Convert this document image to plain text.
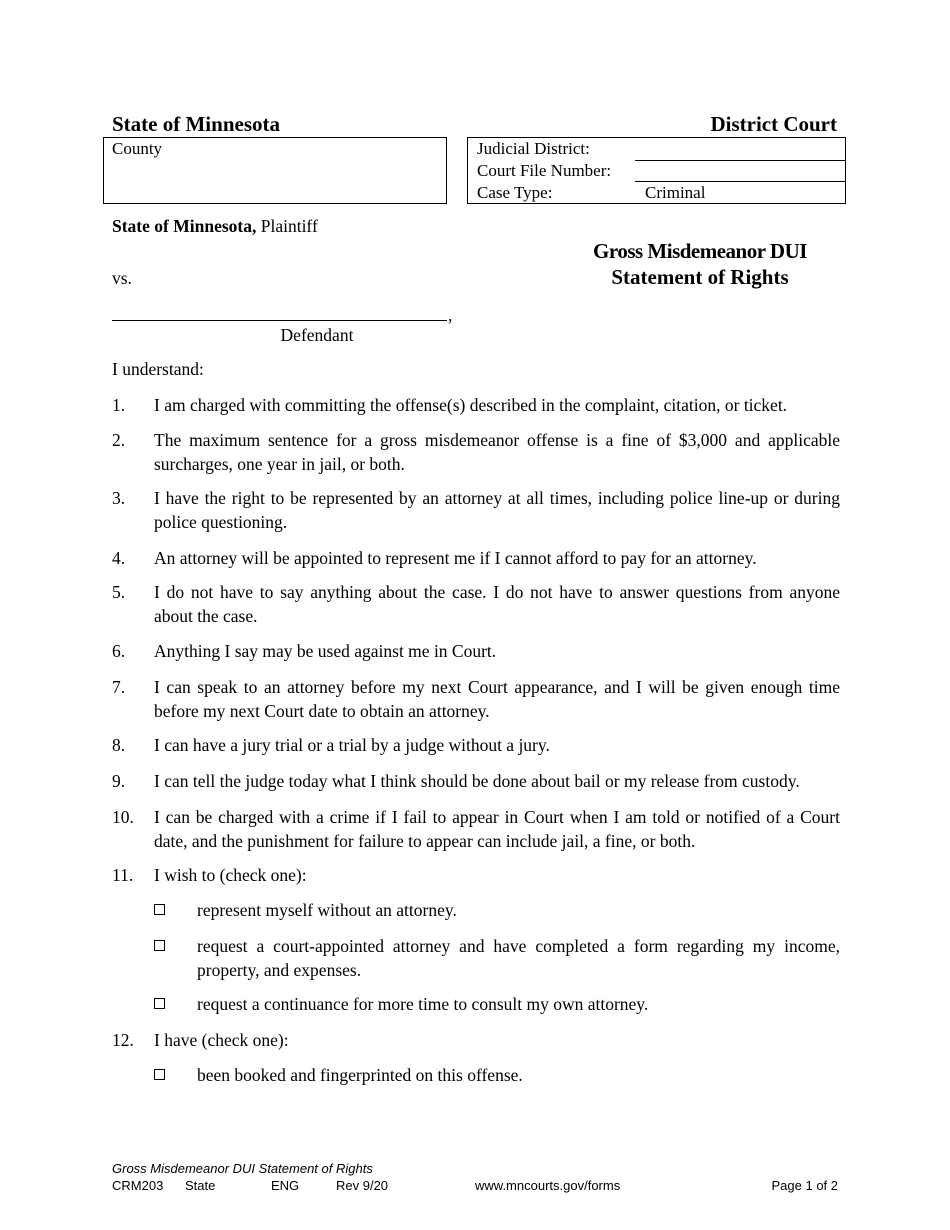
State of Minnesota	District Court
County	Judicial District:
Court File Number:
Case Type:	Criminal
State of Minnesota, Plaintiff
vs.
,
Defendant
Gross Misdemeanor DUI
Statement of Rights
I understand:
1. I am charged with committing the offense(s) described in the complaint, citation, or ticket.
2. The maximum sentence for a gross misdemeanor offense is a fine of $3,000 and applicable surcharges, one year in jail, or both.
3. I have the right to be represented by an attorney at all times, including police line-up or during police questioning.
4. An attorney will be appointed to represent me if I cannot afford to pay for an attorney.
5. I do not have to say anything about the case. I do not have to answer questions from anyone about the case.
6. Anything I say may be used against me in Court.
7. I can speak to an attorney before my next Court appearance, and I will be given enough time before my next Court date to obtain an attorney.
8. I can have a jury trial or a trial by a judge without a jury.
9. I can tell the judge today what I think should be done about bail or my release from custody.
10. I can be charged with a crime if I fail to appear in Court when I am told or notified of a Court date, and the punishment for failure to appear can include jail, a fine, or both.
11. I wish to (check one):
represent myself without an attorney.
request a court-appointed attorney and have completed a form regarding my income, property, and expenses.
request a continuance for more time to consult my own attorney.
12. I have (check one):
been booked and fingerprinted on this offense.
Gross Misdemeanor DUI Statement of Rights
CRM203 State	ENG	Rev 9/20	www.mncourts.gov/forms	Page 1 of 2
